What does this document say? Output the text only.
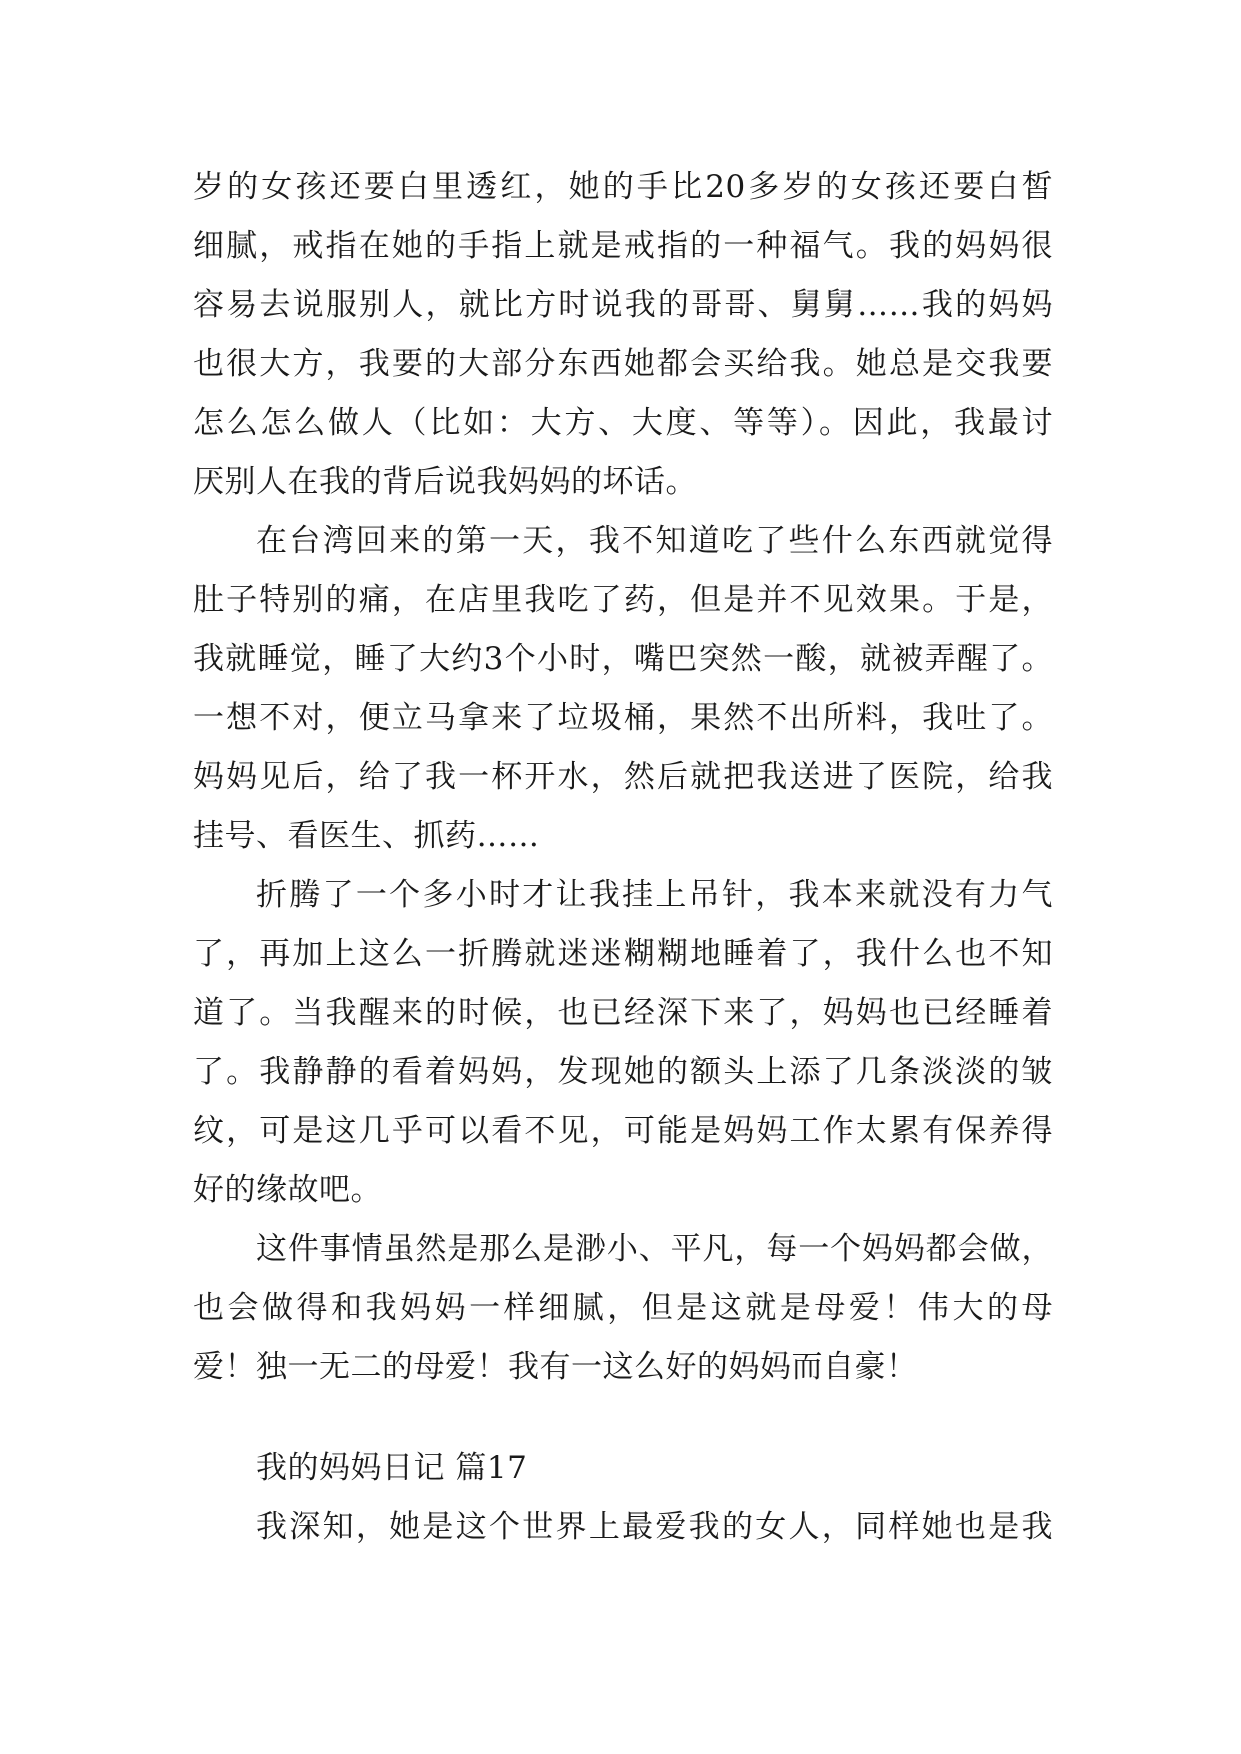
岁的女孩还要白里透红，她的手比20多岁的女孩还要白皙
细腻，戒指在她的手指上就是戒指的一种福气。我的妈妈很
容易去说服别人，就比方时说我的哥哥、舅舅……我的妈妈
也很大方，我要的大部分东西她都会买给我。她总是交我要
怎么怎么做人（比如：大方、大度、等等）。因此，我最讨
厌别人在我的背后说我妈妈的坏话。
在台湾回来的第一天，我不知道吃了些什么东西就觉得
肚子特别的痛，在店里我吃了药，但是并不见效果。于是，
我就睡觉，睡了大约3个小时，嘴巴突然一酸，就被弄醒了。
一想不对，便立马拿来了垃圾桶，果然不出所料，我吐了。
妈妈见后，给了我一杯开水，然后就把我送进了医院，给我
挂号、看医生、抓药……
折腾了一个多小时才让我挂上吊针，我本来就没有力气
了，再加上这么一折腾就迷迷糊糊地睡着了，我什么也不知
道了。当我醒来的时候，也已经深下来了，妈妈也已经睡着
了。我静静的看着妈妈，发现她的额头上添了几条淡淡的皱
纹，可是这几乎可以看不见，可能是妈妈工作太累有保养得
好的缘故吧。
这件事情虽然是那么是渺小、平凡，每一个妈妈都会做，
也会做得和我妈妈一样细腻，但是这就是母爱！伟大的母
爱！独一无二的母爱！我有一这么好的妈妈而自豪！
我的妈妈日记 篇17
我深知，她是这个世界上最爱我的女人，同样她也是我
